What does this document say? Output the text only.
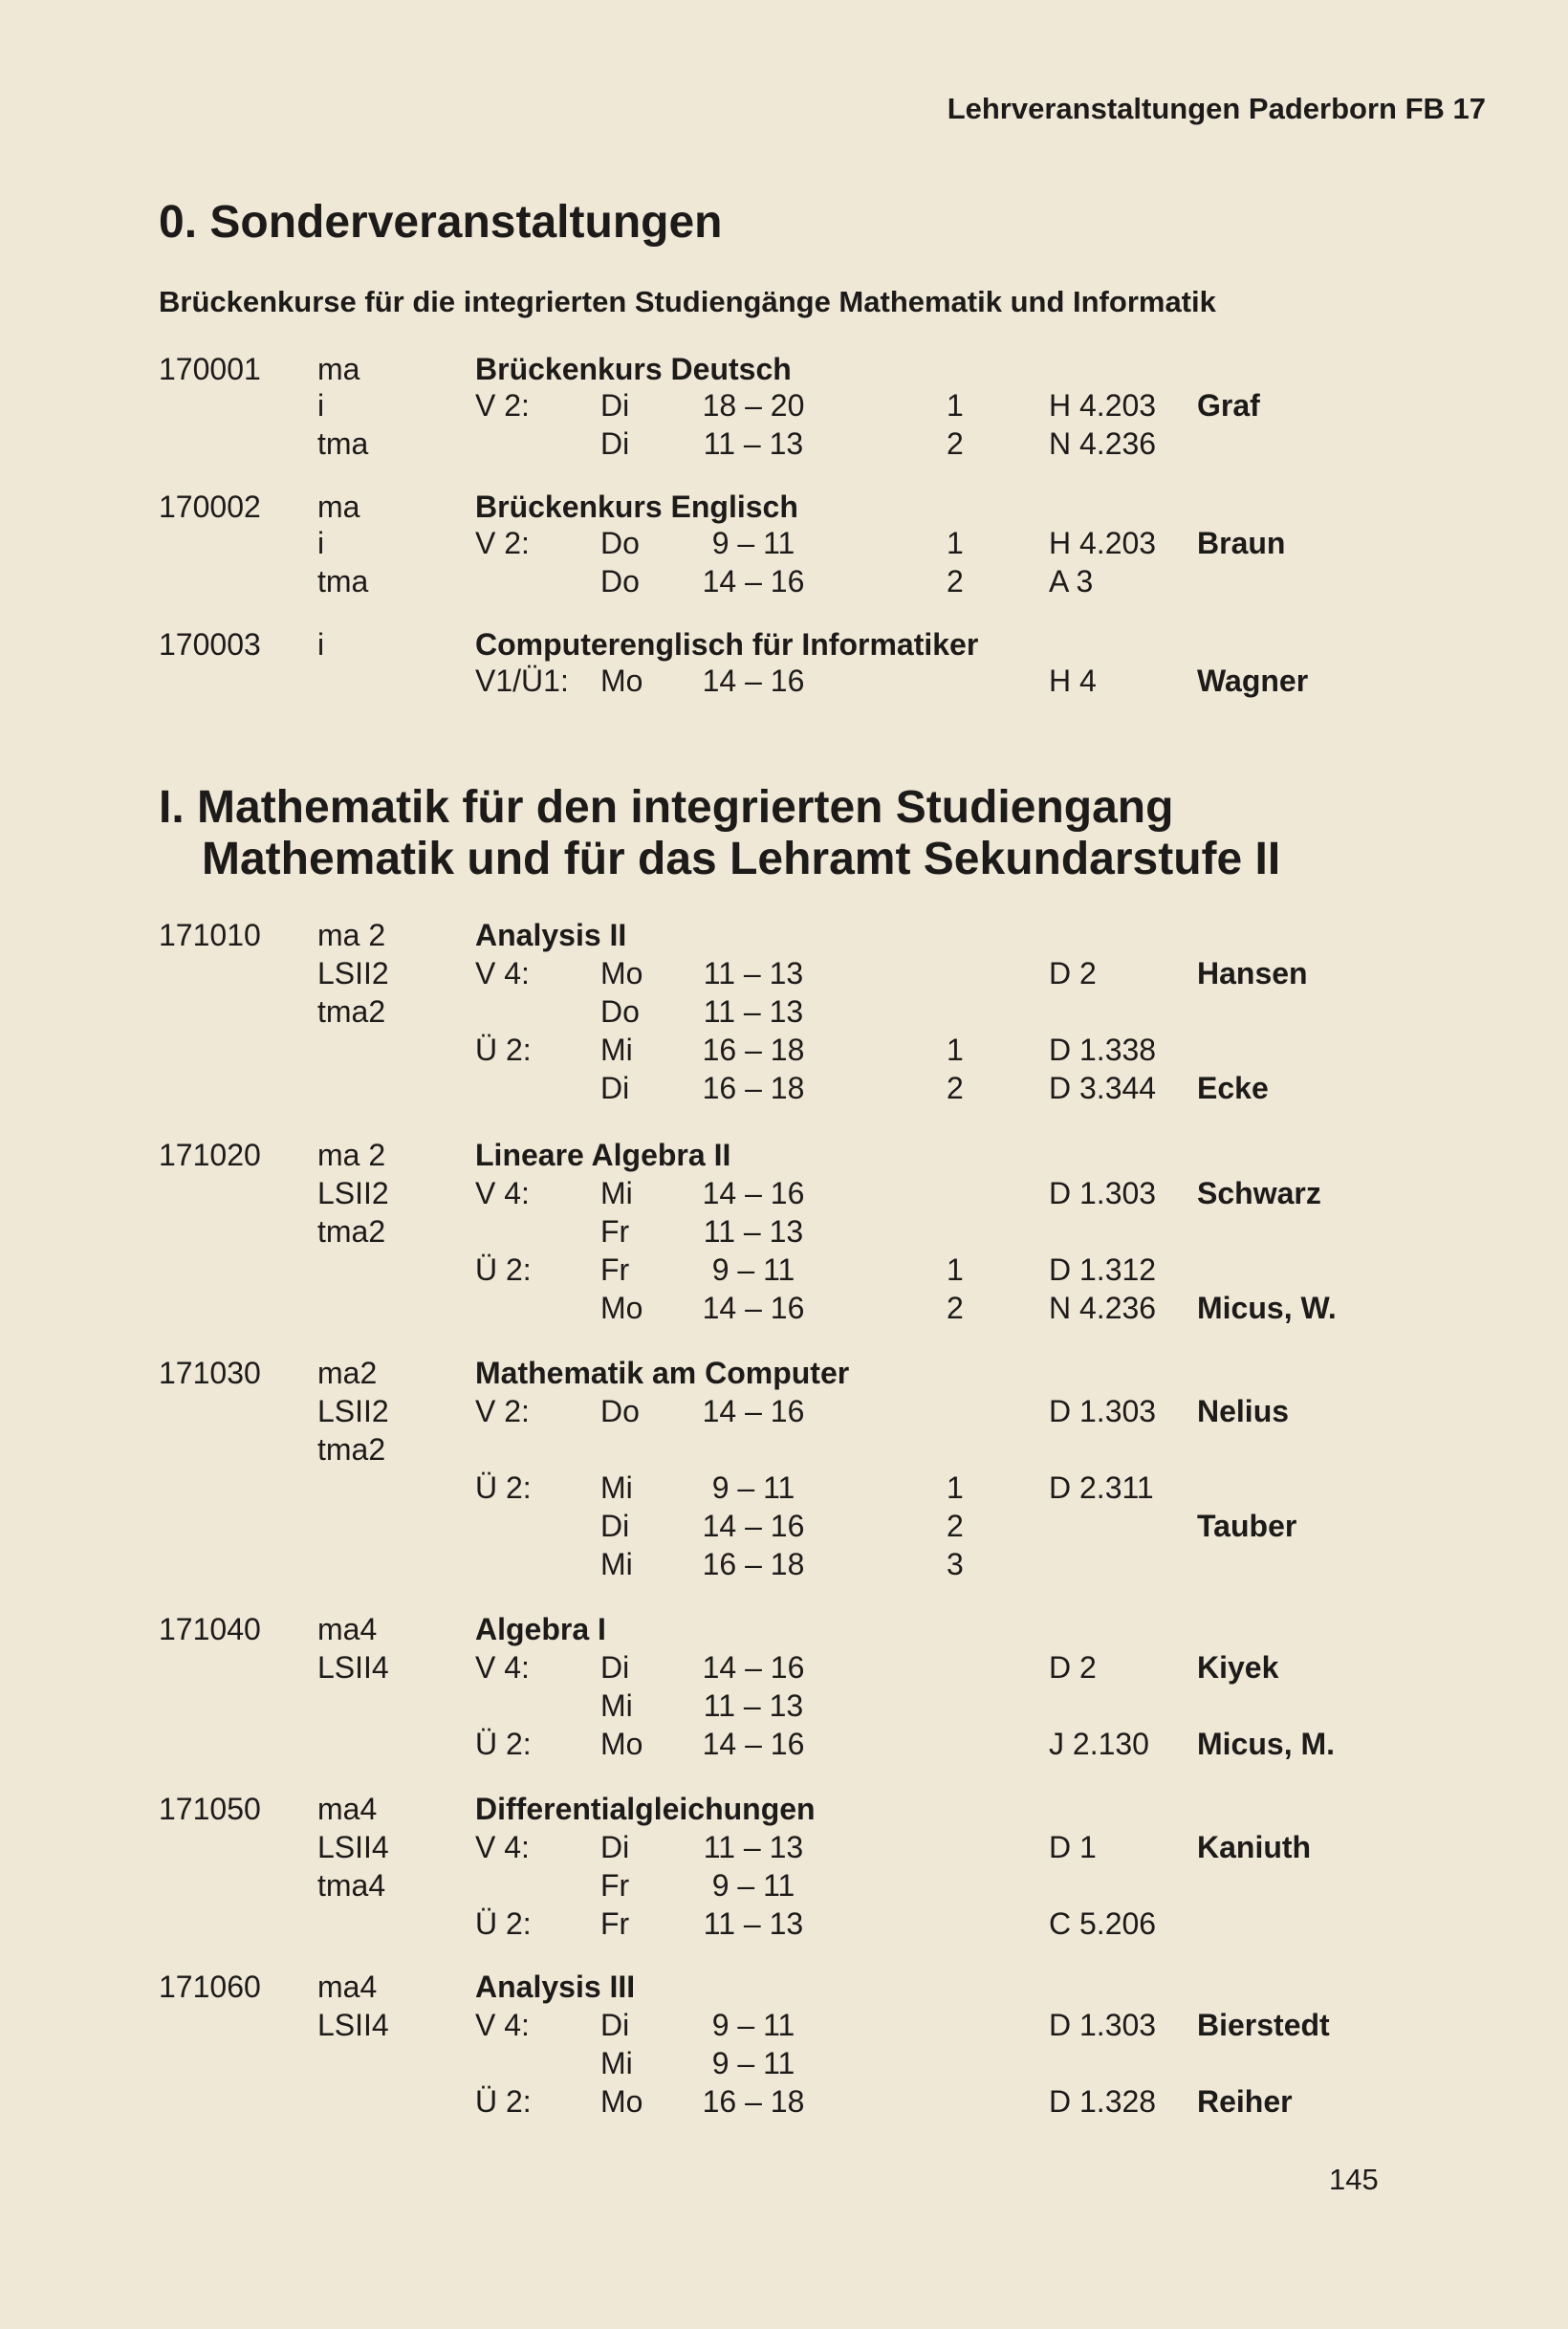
Lehrveranstaltungen Paderborn FB 17
0. Sonderveranstaltungen
Brückenkurse für die integrierten Studiengänge Mathematik und Informatik
I. Mathematik für den integrierten Studiengang
Mathematik und für das Lehramt Sekundarstufe II
170001 ma	Brückenkurs Deutsch
i	V 2: Di 18 – 20	1	H 4.203 Graf
tma	Di 11 – 13	2	N 4.236
170002 ma	Brückenkurs Englisch
i	V 2: Do	9 – 11	1	H 4.203 Braun
tma	Do 14 – 16	2	A 3
170003 i	Computerenglisch für Informatiker
V1/Ü1: Mo 14 – 16	H 4	Wagner
171010 ma 2	Analysis II
LSII2	V 4: Mo 11 – 13	D 2	Hansen
tma2	Do 11 – 13
Ü 2: Mi 16 – 18	1	D 1.338
Di 16 – 18	2	D 3.344 Ecke
171020 ma 2	Lineare Algebra II
LSII2	V 4: Mi 14 – 16	D 1.303 Schwarz
tma2	Fr 11 – 13
Ü 2: Fr	9 – 11	1	D 1.312
Mo 14 – 16	2	N 4.236 Micus, W.
171030 ma2	Mathematik am Computer
LSII2	V 2: Do 14 – 16	D 1.303 Nelius
tma2
Ü 2: Mi	9 – 11	1	D 2.311
Di 14 – 16	2	Tauber
Mi 16 – 18	3
171040 ma4	Algebra I
LSII4	V 4: Di 14 – 16	D 2	Kiyek
Mi 11 – 13
Ü 2: Mo 14 – 16	J 2.130 Micus, M.
171050 ma4	Differentialgleichungen
LSII4	V 4: Di 11 – 13	D 1	Kaniuth
tma4	Fr	9 – 11
Ü 2: Fr 11 – 13	C 5.206
171060 ma4	Analysis III
LSII4	V 4: Di	9 – 11	D 1.303 Bierstedt
Mi	9 – 11
Ü 2: Mo 16 – 18	D 1.328 Reiher
145
